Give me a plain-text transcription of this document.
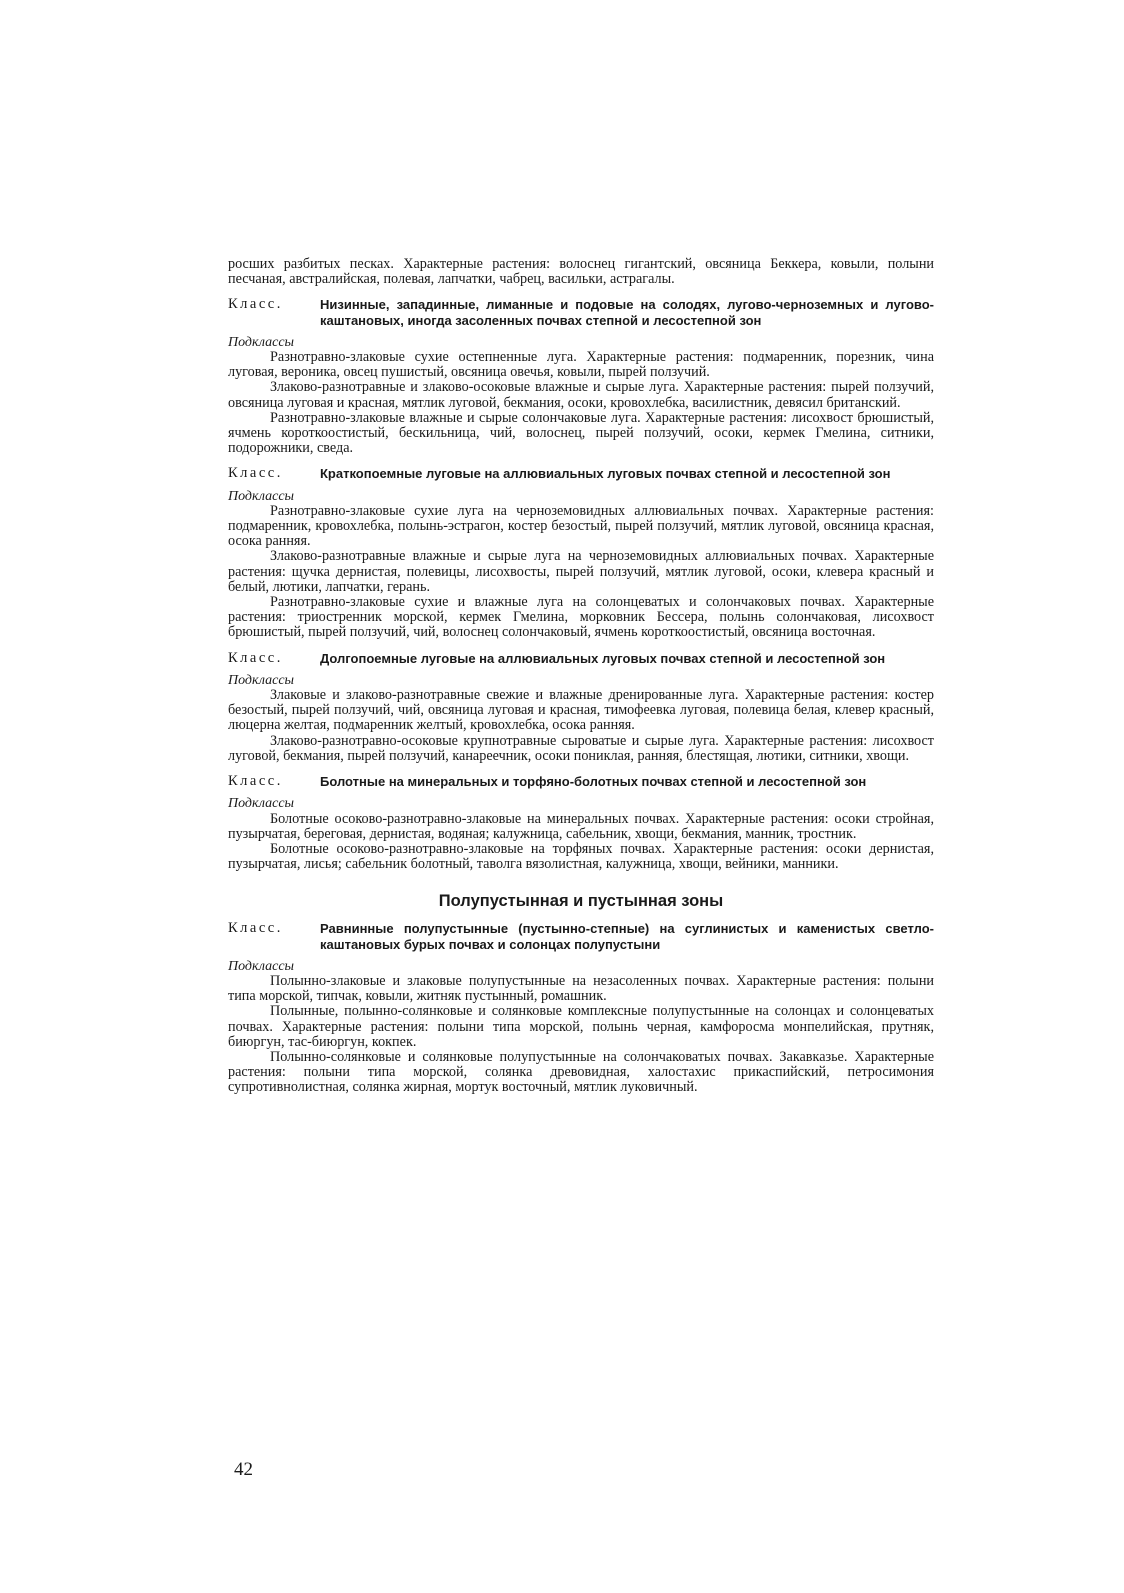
росших разбитых песках. Характерные растения: волоснец гигантский, овсяница Беккера, ковыли, полыни песчаная, австралийская, полевая, лапчатки, чабрец, васильки, астрагалы.

Класс.	Низинные, западинные, лиманные и подовые на солодях, лугово-черноземных и лугово-каштановых, иногда засоленных почвах степной и лесостепной зон
Подклассы

Разнотравно-злаковые сухие остепненные луга. Характерные растения: подмаренник, порезник, чина луговая, вероника, овсец пушистый, овсяница овечья, ковыли, пырей ползучий.

Злаково-разнотравные и злаково-осоковые влажные и сырые луга. Характерные растения: пырей ползучий, овсяница луговая и красная, мятлик луговой, бекмания, осоки, кровохлебка, василистник, девясил британский.

Разнотравно-злаковые влажные и сырые солончаковые луга. Характерные растения: лисохвост брюшистый, ячмень короткоостистый, бескильница, чий, волоснец, пырей ползучий, осоки, кермек Гмелина, ситники, подорожники, сведа.

Класс.	Краткопоемные луговые на аллювиальных луговых почвах степной и лесостепной зон
Подклассы

Разнотравно-злаковые сухие луга на черноземовидных аллювиальных почвах. Характерные растения: подмаренник, кровохлебка, полынь-эстрагон, костер безостый, пырей ползучий, мятлик луговой, овсяница красная, осока ранняя.

Злаково-разнотравные влажные и сырые луга на черноземовидных аллювиальных почвах. Характерные растения: щучка дернистая, полевицы, лисохвосты, пырей ползучий, мятлик луговой, осоки, клевера красный и белый, лютики, лапчатки, герань.

Разнотравно-злаковые сухие и влажные луга на солонцеватых и солончаковых почвах. Характерные растения: триостренник морской, кермек Гмелина, морковник Бессера, полынь солончаковая, лисохвост брюшистый, пырей ползучий, чий, волоснец солончаковый, ячмень короткоостистый, овсяница восточная.

Класс.	Долгопоемные луговые на аллювиальных луговых почвах степной и лесостепной зон
Подклассы

Злаковые и злаково-разнотравные свежие и влажные дренированные луга. Характерные растения: костер безостый, пырей ползучий, чий, овсяница луговая и красная, тимофеевка луговая, полевица белая, клевер красный, люцерна желтая, подмаренник желтый, кровохлебка, осока ранняя.

Злаково-разнотравно-осоковые крупнотравные сыроватые и сырые луга. Характерные растения: лисохвост луговой, бекмания, пырей ползучий, канареечник, осоки пониклая, ранняя, блестящая, лютики, ситники, хвощи.

Класс.	Болотные на минеральных и торфяно-болотных почвах степной и лесостепной зон
Подклассы

Болотные осоково-разнотравно-злаковые на минеральных почвах. Характерные растения: осоки стройная, пузырчатая, береговая, дернистая, водяная; калужница, сабельник, хвощи, бекмания, манник, тростник.

Болотные осоково-разнотравно-злаковые на торфяных почвах. Характерные растения: осоки дернистая, пузырчатая, лисья; сабельник болотный, таволга вязолистная, калужница, хвощи, вейники, манники.

Полупустынная и пустынная зоны
Класс.	Равнинные полупустынные (пустынно-степные) на суглинистых и каменистых светло-каштановых бурых почвах и солонцах полупустыни
Подклассы

Полынно-злаковые и злаковые полупустынные на незасоленных почвах. Характерные растения: полыни типа морской, типчак, ковыли, житняк пустынный, ромашник.

Полынные, полынно-солянковые и солянковые комплексные полупустынные на солонцах и солонцеватых почвах. Характерные растения: полыни типа морской, полынь черная, камфоросма монпелийская, прутняк, биюргун, тас-биюргун, кокпек.

Полынно-солянковые и солянковые полупустынные на солончаковатых почвах. Закавказье. Характерные растения: полыни типа морской, солянка древовидная, халостахис прикаспийский, петросимония супротивнолистная, солянка жирная, мортук восточный, мятлик луковичный.

42
